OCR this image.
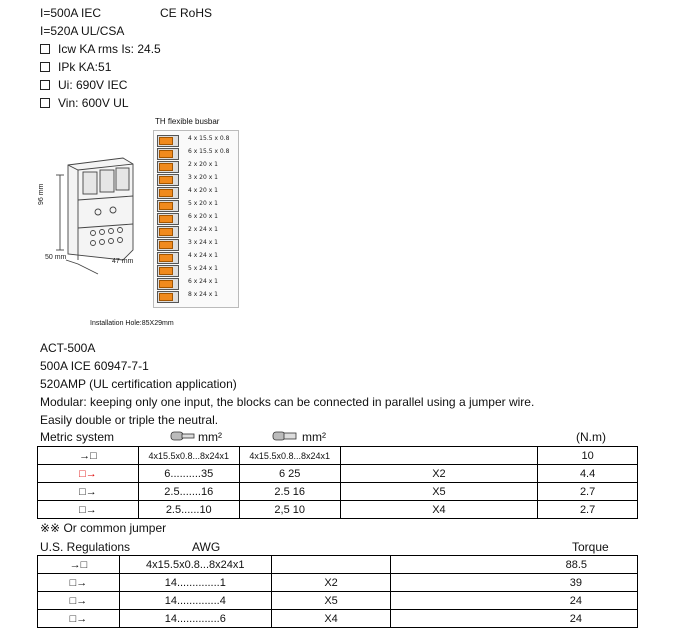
I=500A IEC	CE RoHS
I=520A UL/CSA
Icw KA rms Is: 24.5
IPk KA:51
Ui: 690V IEC
Vin: 600V UL
96 mm
50 mm
47 mm
TH flexible busbar
4 x 15.5 x 0.8
6 x 15.5 x 0.8
2 x 20 x 1
3 x 20 x 1
4 x 20 x 1
5 x 20 x 1
6 x 20 x 1
2 x 24 x 1
3 x 24 x 1
4 x 24 x 1
5 x 24 x 1
6 x 24 x 1
8 x 24 x 1
Installation Hole:85X29mm
ACT-500A
500A ICE 60947-7-1
520AMP (UL certification application)
Modular: keeping only one input, the blocks can be connected in parallel using a jumper wire.
Easily double or triple the neutral.
Metric system	mm²	mm²	(N.m)
→□	4x15.5x0.8...8x24x1	4x15.5x0.8...8x24x1		10
□→	6..........35	6 25	X2	4.4
□→	2.5.......16	2.5 16	X5	2.7
□→	2.5......10	2,5 10	X4	2.7
※※ Or common jumper
U.S. Regulations	AWG	Torque
→□	4x15.5x0.8...8x24x1		88.5
□→	14..............1	X2	39
□→	14..............4	X5	24
□→	14..............6	X4	24
